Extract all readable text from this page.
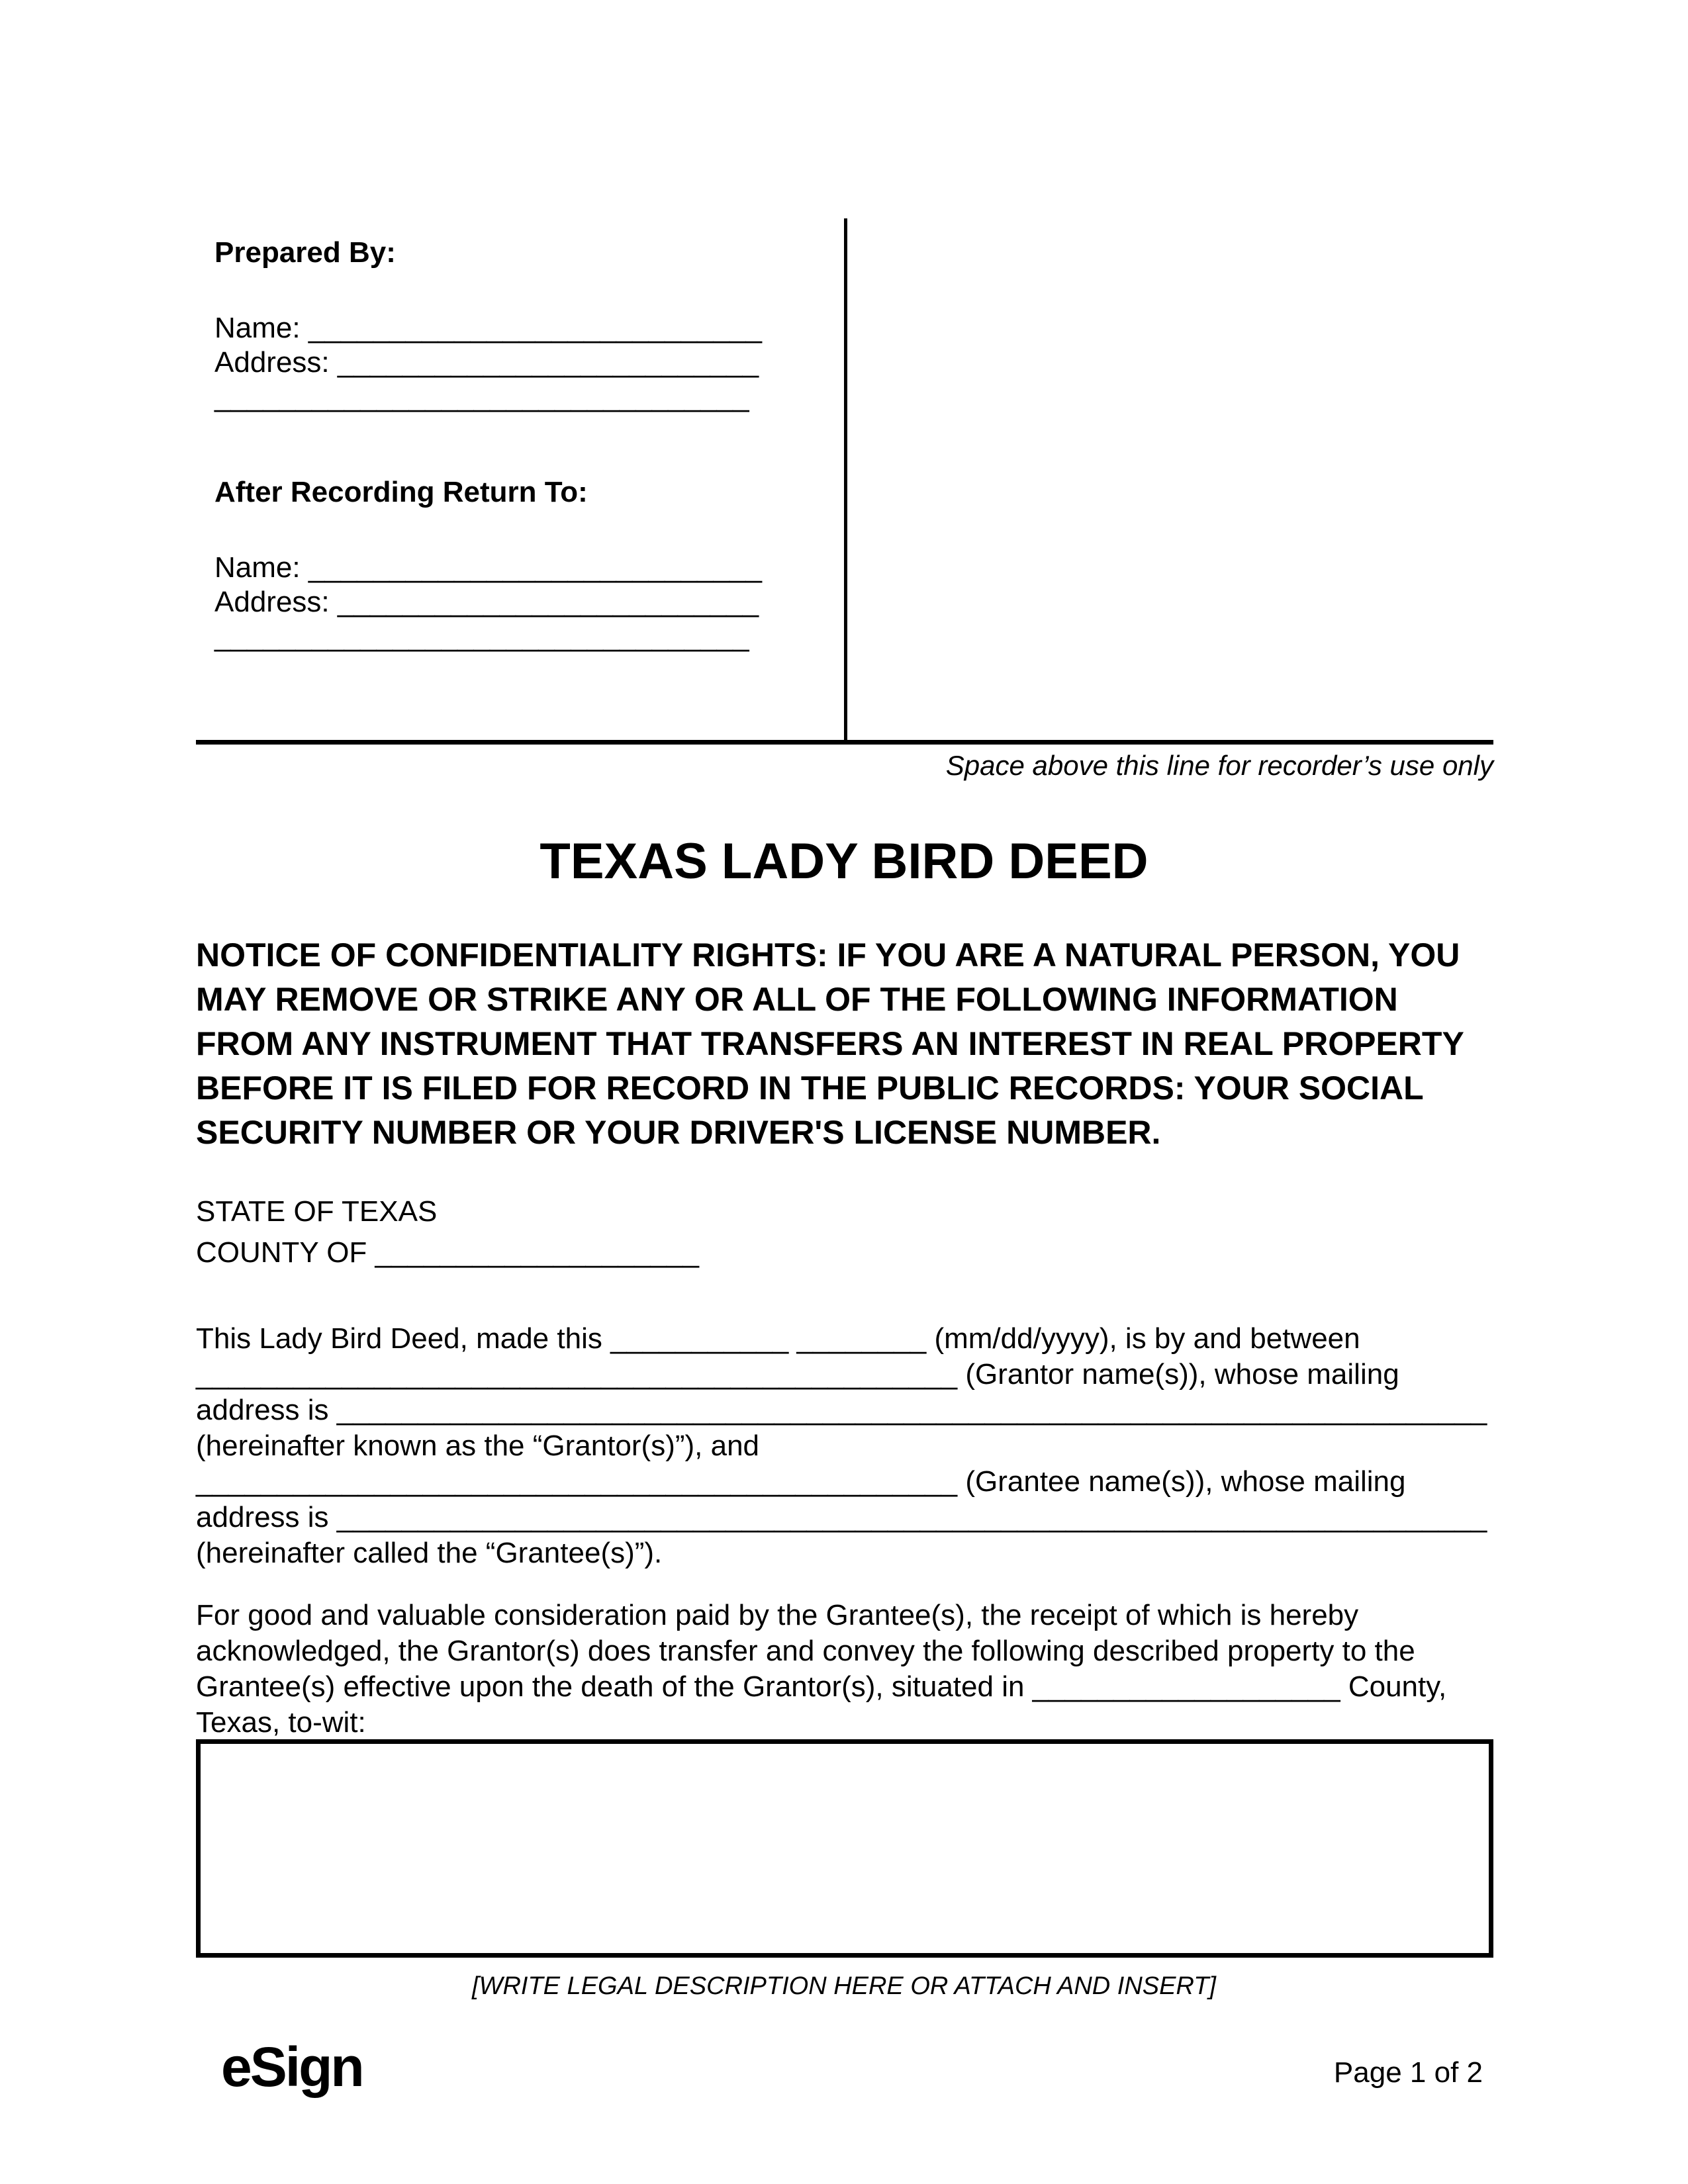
Prepared By:
Name: ____________________________
Address: __________________________
_________________________________
After Recording Return To:
Name: ____________________________
Address: __________________________
_________________________________
Space above this line for recorder’s use only
TEXAS LADY BIRD DEED
NOTICE OF CONFIDENTIALITY RIGHTS: IF YOU ARE A NATURAL PERSON, YOU
MAY REMOVE OR STRIKE ANY OR ALL OF THE FOLLOWING INFORMATION
FROM ANY INSTRUMENT THAT TRANSFERS AN INTEREST IN REAL PROPERTY
BEFORE IT IS FILED FOR RECORD IN THE PUBLIC RECORDS: YOUR SOCIAL
SECURITY NUMBER OR YOUR DRIVER'S LICENSE NUMBER.
STATE OF TEXAS
COUNTY OF ____________________
This Lady Bird Deed, made this ___________ ________ (mm/dd/yyyy), is by and between
_______________________________________________ (Grantor name(s)), whose mailing
address is _______________________________________________________________________
(hereinafter known as the “Grantor(s)”), and
_______________________________________________ (Grantee name(s)), whose mailing
address is _______________________________________________________________________
(hereinafter called the “Grantee(s)”).
For good and valuable consideration paid by the Grantee(s), the receipt of which is hereby
acknowledged, the Grantor(s) does transfer and convey the following described property to the
Grantee(s) effective upon the death of the Grantor(s), situated in ___________________ County,
Texas, to-wit:
[WRITE LEGAL DESCRIPTION HERE OR ATTACH AND INSERT]
eSign	Page 1 of 2
